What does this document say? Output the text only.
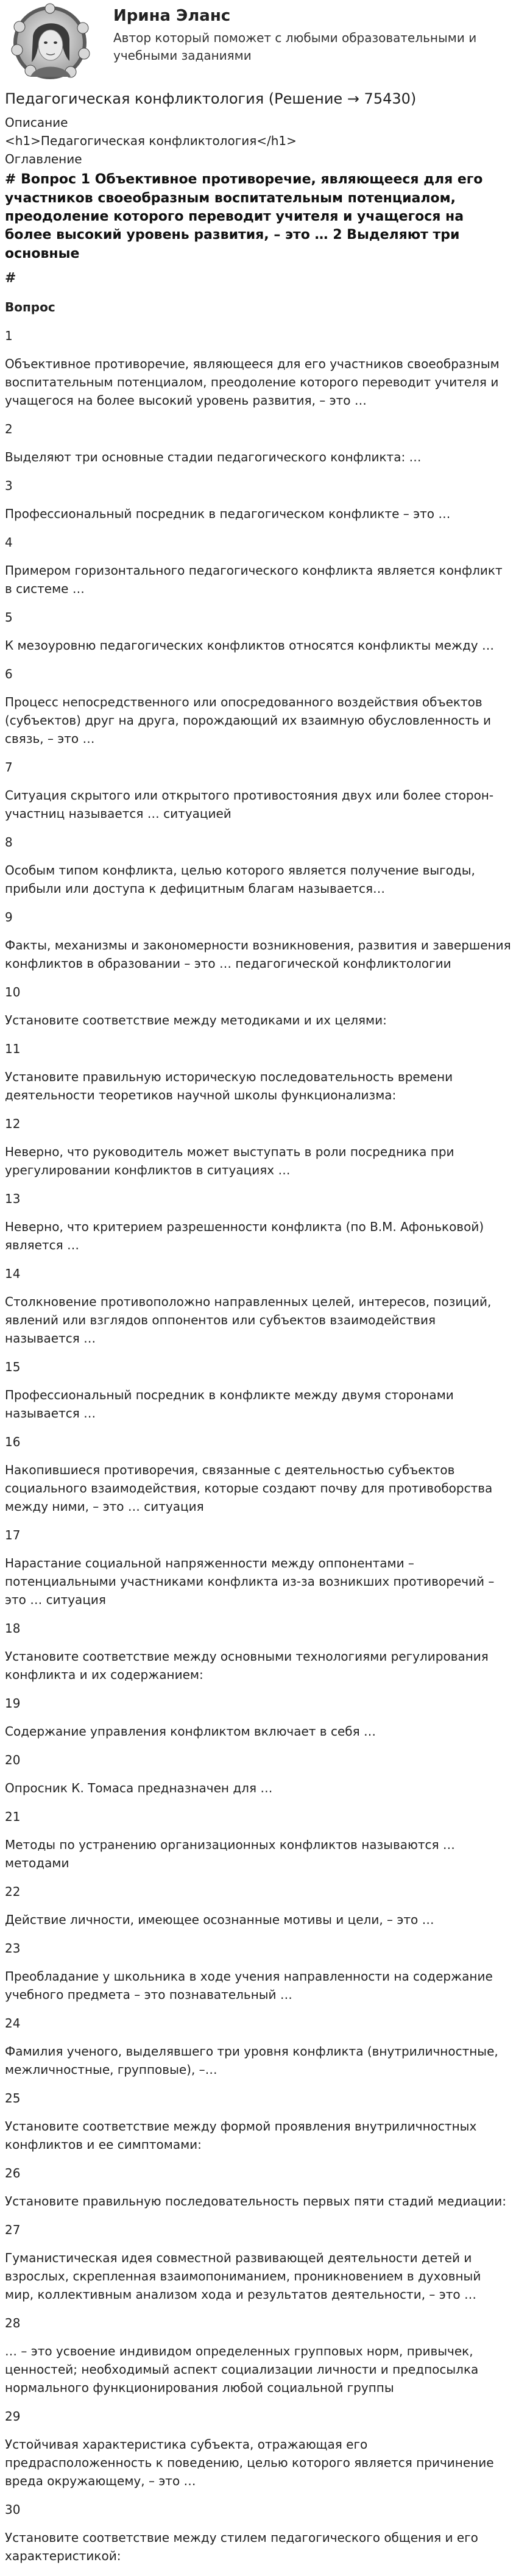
Ирина Эланс
Автор который поможет с любыми образовательными и учебными заданиями
Педагогическая конфликтология (Решение → 75430)
Описание
<h1>Педагогическая конфликтология</h1>
Оглавление
# Вопрос 1 Объективное противоречие, являющееся для его участников своеобразным воспитательным потенциалом, преодоление которого переводит учителя и учащегося на более высокий уровень развития, – это … 2 Выделяют три основные
#
Вопрос
1
Объективное противоречие, являющееся для его участников своеобразным воспитательным потенциалом, преодоление которого переводит учителя и учащегося на более высокий уровень развития, – это …
2
Выделяют три основные стадии педагогического конфликта: …
3
Профессиональный посредник в педагогическом конфликте – это …
4
Примером горизонтального педагогического конфликта является конфликт в системе …
5
К мезоуровню педагогических конфликтов относятся конфликты между …
6
Процесс непосредственного или опосредованного воздействия объектов (субъектов) друг на друга, порождающий их взаимную обусловленность и связь, – это …
7
Ситуация скрытого или открытого противостояния двух или более сторон-участниц называется … ситуацией
8
Особым типом конфликта, целью которого является получение выгоды, прибыли или доступа к дефицитным благам называется…
9
Факты, механизмы и закономерности возникновения, развития и завершения конфликтов в образовании – это … педагогической конфликтологии
10
Установите соответствие между методиками и их целями:
11
Установите правильную историческую последовательность времени деятельности теоретиков научной школы функционализма:
12
Неверно, что руководитель может выступать в роли посредника при урегулировании конфликтов в ситуациях …
13
Неверно, что критерием разрешенности конфликта (по В.М. Афоньковой) является …
14
Столкновение противоположно направленных целей, интересов, позиций, явлений или взглядов оппонентов или субъектов взаимодействия называется …
15
Профессиональный посредник в конфликте между двумя сторонами называется …
16
Накопившиеся противоречия, связанные с деятельностью субъектов социального взаимодействия, которые создают почву для противоборства между ними, – это … ситуация
17
Нарастание социальной напряженности между оппонентами – потенциальными участниками конфликта из-за возникших противоречий – это … ситуация
18
Установите соответствие между основными технологиями регулирования конфликта и их содержанием:
19
Содержание управления конфликтом включает в себя …
20
Опросник К. Томаса предназначен для …
21
Методы по устранению организационных конфликтов называются … методами
22
Действие личности, имеющее осознанные мотивы и цели, – это …
23
Преобладание у школьника в ходе учения направленности на содержание учебного предмета – это познавательный …
24
Фамилия ученого, выделявшего три уровня конфликта (внутриличностные, межличностные, групповые), –…
25
Установите соответствие между формой проявления внутриличностных конфликтов и ее симптомами:
26
Установите правильную последовательность первых пяти стадий медиации:
27
Гуманистическая идея совместной развивающей деятельности детей и взрослых, скрепленная взаимопониманием, проникновением в духовный мир, коллективным анализом хода и результатов деятельности, – это …
28
… – это усвоение индивидом определенных групповых норм, привычек, ценностей; необходимый аспект социализации личности и предпосылка нормального функционирования любой социальной группы
29
Устойчивая характеристика субъекта, отражающая его предрасположенность к поведению, целью которого является причинение вреда окружающему, – это …
30
Установите соответствие между стилем педагогического общения и его характеристикой:
